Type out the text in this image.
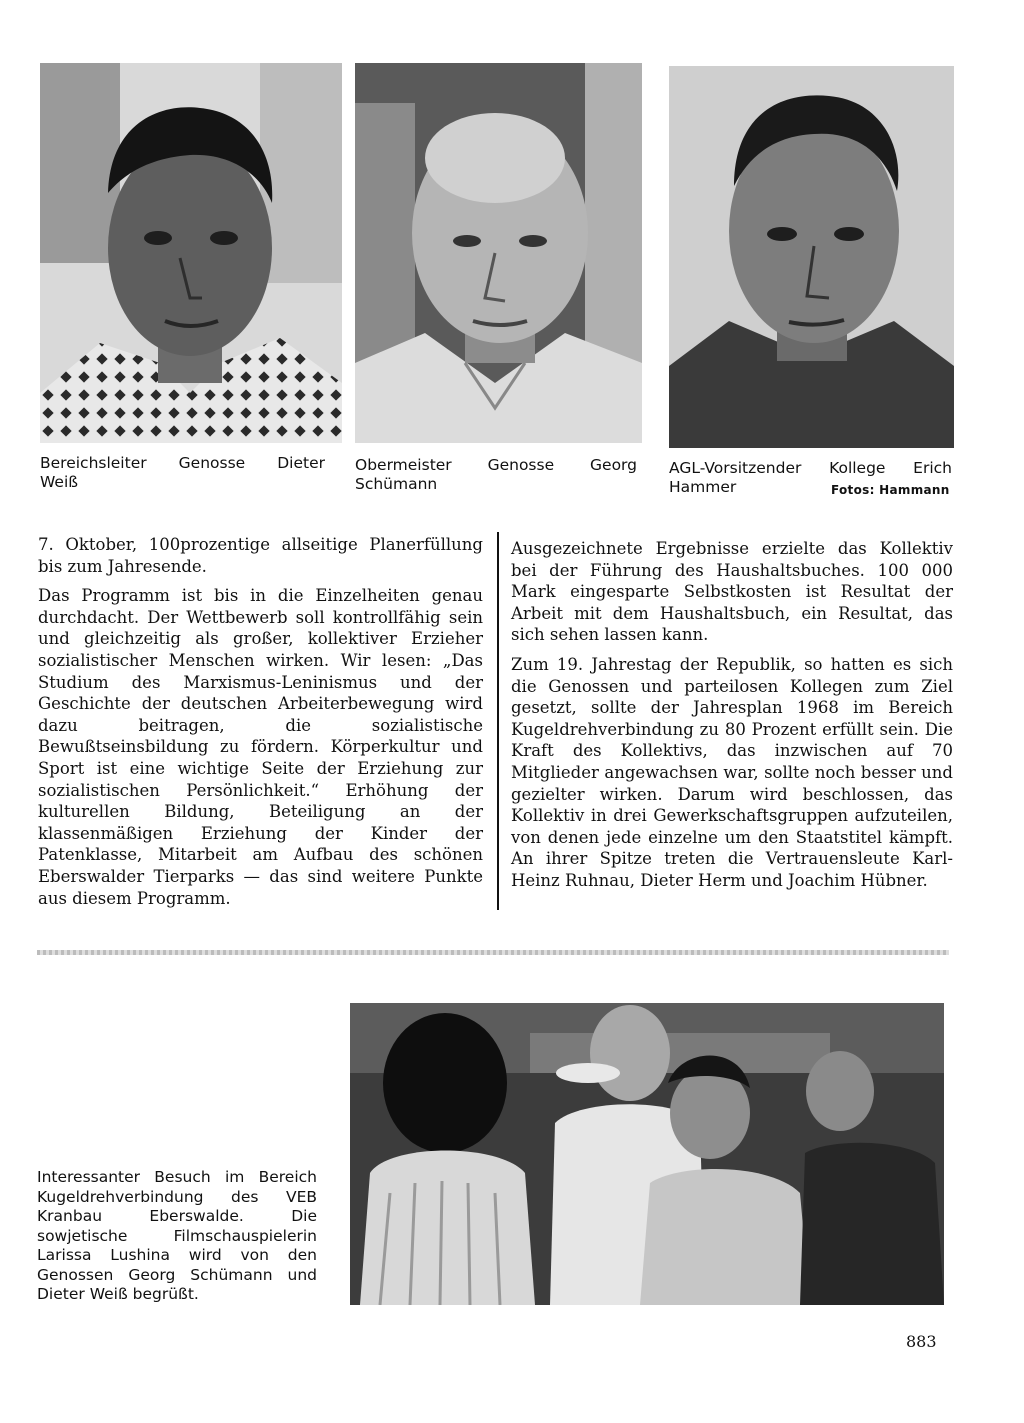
Bereichsleiter Genosse Dieter
Weiß
Obermeister Genosse Georg
Schümann
AGL-Vorsitzender Kollege Erich
Hammer	Fotos: Hammann

7. Oktober, 100prozentige allseitige Planerfüllung bis zum Jahresende.

Das Programm ist bis in die Einzelheiten genau durchdacht. Der Wettbewerb soll kontrollfähig sein und gleichzeitig als großer, kollektiver Erzieher sozialistischer Menschen wirken. Wir lesen: „Das Studium des Marxismus-Leninismus und der Geschichte der deutschen Arbeiterbewegung wird dazu beitragen, die sozialistische Bewußtseinsbildung zu fördern. Körperkultur und Sport ist eine wichtige Seite der Erziehung zur sozialistischen Persönlichkeit.“ Erhöhung der kulturellen Bildung, Beteiligung an der klassenmäßigen Erziehung der Kinder der Patenklasse, Mitarbeit am Aufbau des schönen Eberswalder Tierparks — das sind weitere Punkte aus diesem Programm.

Ausgezeichnete Ergebnisse erzielte das Kollektiv bei der Führung des Haushaltsbuches. 100 000 Mark eingesparte Selbstkosten ist Resultat der Arbeit mit dem Haushaltsbuch, ein Resultat, das sich sehen lassen kann.

Zum 19. Jahrestag der Republik, so hatten es sich die Genossen und parteilosen Kollegen zum Ziel gesetzt, sollte der Jahresplan 1968 im Bereich Kugeldrehverbindung zu 80 Prozent erfüllt sein. Die Kraft des Kollektivs, das inzwischen auf 70 Mitglieder angewachsen war, sollte noch besser und gezielter wirken. Darum wird beschlossen, das Kollektiv in drei Gewerkschaftsgruppen aufzuteilen, von denen jede einzelne um den Staatstitel kämpft. An ihrer Spitze treten die Vertrauensleute Karl-Heinz Ruhnau, Dieter Herm und Joachim Hübner.

Interessanter Besuch im Bereich Kugeldrehverbindung des VEB Kranbau Eberswalde. Die sowjetische Filmschauspielerin Larissa Lushina wird von den Genossen Georg Schümann und Dieter Weiß begrüßt.
883
